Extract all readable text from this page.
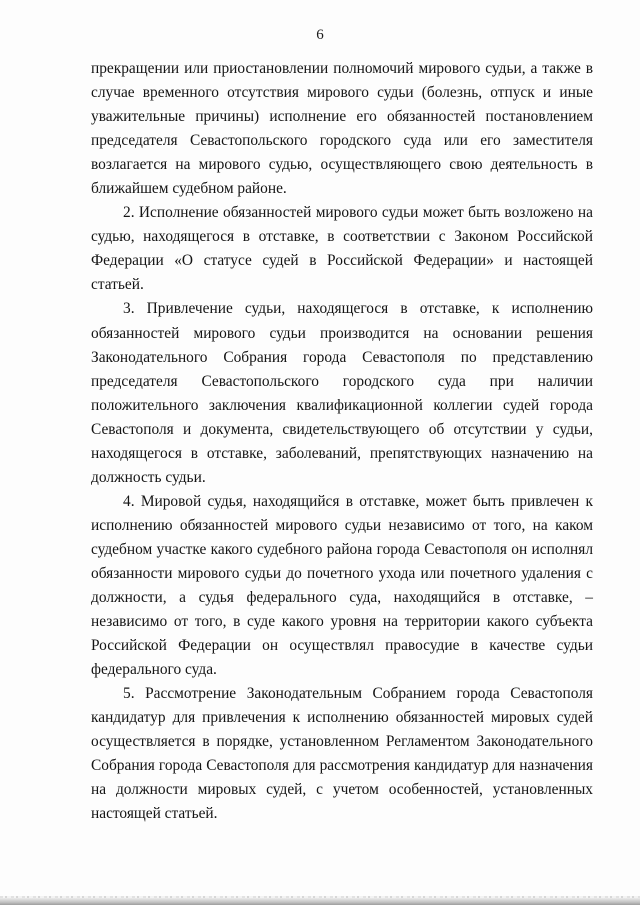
6

прекращении или приостановлении полномочий мирового судьи, а также в случае временного отсутствия мирового судьи (болезнь, отпуск и иные уважительные причины) исполнение его обязанностей постановлением председателя Севастопольского городского суда или его заместителя возлагается на мирового судью, осуществляющего свою деятельность в ближайшем судебном районе.

2. Исполнение обязанностей мирового судьи может быть возложено на судью, находящегося в отставке, в соответствии с Законом Российской Федерации «О статусе судей в Российской Федерации» и настоящей статьей.

3. Привлечение судьи, находящегося в отставке, к исполнению обязанностей мирового судьи производится на основании решения Законодательного Собрания города Севастополя по представлению председателя Севастопольского городского суда при наличии положительного заключения квалификационной коллегии судей города Севастополя и документа, свидетельствующего об отсутствии у судьи, находящегося в отставке, заболеваний, препятствующих назначению на должность судьи.

4. Мировой судья, находящийся в отставке, может быть привлечен к исполнению обязанностей мирового судьи независимо от того, на каком судебном участке какого судебного района города Севастополя он исполнял обязанности мирового судьи до почетного ухода или почетного удаления с должности, а судья федерального суда, находящийся в отставке, – независимо от того, в суде какого уровня на территории какого субъекта Российской Федерации он осуществлял правосудие в качестве судьи федерального суда.

5. Рассмотрение Законодательным Собранием города Севастополя кандидатур для привлечения к исполнению обязанностей мировых судей осуществляется в порядке, установленном Регламентом Законодательного Собрания города Севастополя для рассмотрения кандидатур для назначения на должности мировых судей, с учетом особенностей, установленных настоящей статьей.
